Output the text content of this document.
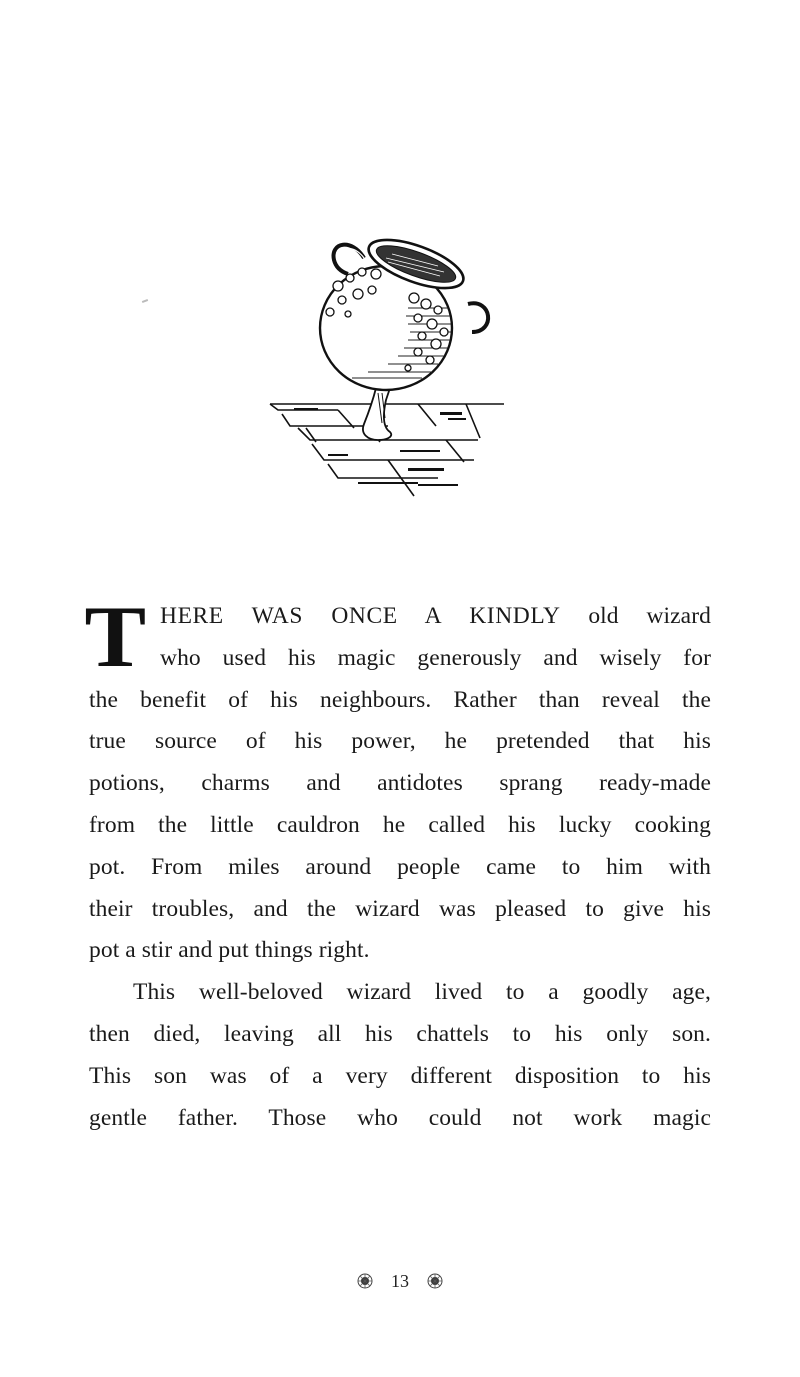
T HERE WAS ONCE A KINDLY old wizard
who used his magic generously and wisely for
the benefit of his neighbours. Rather than reveal the
true source of his power, he pretended that his
potions, charms and antidotes sprang ready-made
from the little cauldron he called his lucky cooking
pot. From miles around people came to him with
their troubles, and the wizard was pleased to give his
pot a stir and put things right.
This well-beloved wizard lived to a goodly age,
then died, leaving all his chattels to his only son.
This son was of a very different disposition to his
gentle father. Those who could not work magic
13
